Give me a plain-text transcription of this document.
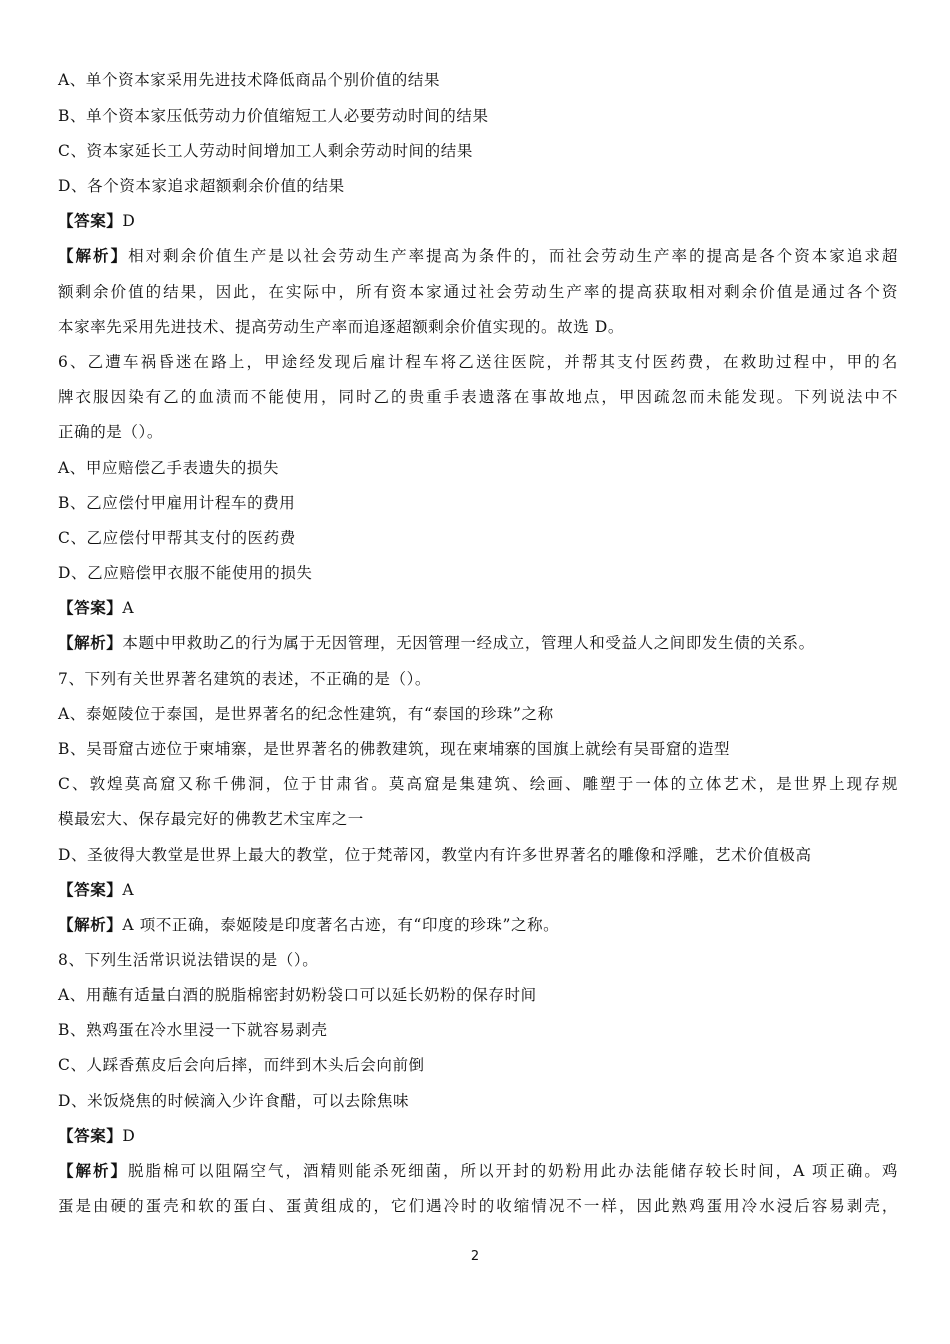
A、单个资本家采用先进技术降低商品个别价值的结果
B、单个资本家压低劳动力价值缩短工人必要劳动时间的结果
C、资本家延长工人劳动时间增加工人剩余劳动时间的结果
D、各个资本家追求超额剩余价值的结果
【答案】D
【解析】相对剩余价值生产是以社会劳动生产率提高为条件的，而社会劳动生产率的提高是各个资本家追求超
额剩余价值的结果，因此，在实际中，所有资本家通过社会劳动生产率的提高获取相对剩余价值是通过各个资
本家率先采用先进技术、提高劳动生产率而追逐超额剩余价值实现的。故选 D。
6、乙遭车祸昏迷在路上，甲途经发现后雇计程车将乙送往医院，并帮其支付医药费，在救助过程中，甲的名
牌衣服因染有乙的血渍而不能使用，同时乙的贵重手表遗落在事故地点，甲因疏忽而未能发现。下列说法中不
正确的是（）。
A、甲应赔偿乙手表遗失的损失
B、乙应偿付甲雇用计程车的费用
C、乙应偿付甲帮其支付的医药费
D、乙应赔偿甲衣服不能使用的损失
【答案】A
【解析】本题中甲救助乙的行为属于无因管理，无因管理一经成立，管理人和受益人之间即发生债的关系。
7、下列有关世界著名建筑的表述，不正确的是（）。
A、泰姬陵位于泰国，是世界著名的纪念性建筑，有“泰国的珍珠”之称
B、吴哥窟古迹位于柬埔寨，是世界著名的佛教建筑，现在柬埔寨的国旗上就绘有吴哥窟的造型
C、敦煌莫高窟又称千佛洞，位于甘肃省。莫高窟是集建筑、绘画、雕塑于一体的立体艺术，是世界上现存规
模最宏大、保存最完好的佛教艺术宝库之一
D、圣彼得大教堂是世界上最大的教堂，位于梵蒂冈，教堂内有许多世界著名的雕像和浮雕，艺术价值极高
【答案】A
【解析】A 项不正确，泰姬陵是印度著名古迹，有“印度的珍珠”之称。
8、下列生活常识说法错误的是（）。
A、用蘸有适量白酒的脱脂棉密封奶粉袋口可以延长奶粉的保存时间
B、熟鸡蛋在冷水里浸一下就容易剥壳
C、人踩香蕉皮后会向后摔，而绊到木头后会向前倒
D、米饭烧焦的时候滴入少许食醋，可以去除焦味
【答案】D
【解析】脱脂棉可以阻隔空气，酒精则能杀死细菌，所以开封的奶粉用此办法能储存较长时间，A 项正确。鸡
蛋是由硬的蛋壳和软的蛋白、蛋黄组成的，它们遇冷时的收缩情况不一样，因此熟鸡蛋用冷水浸后容易剥壳，
2
